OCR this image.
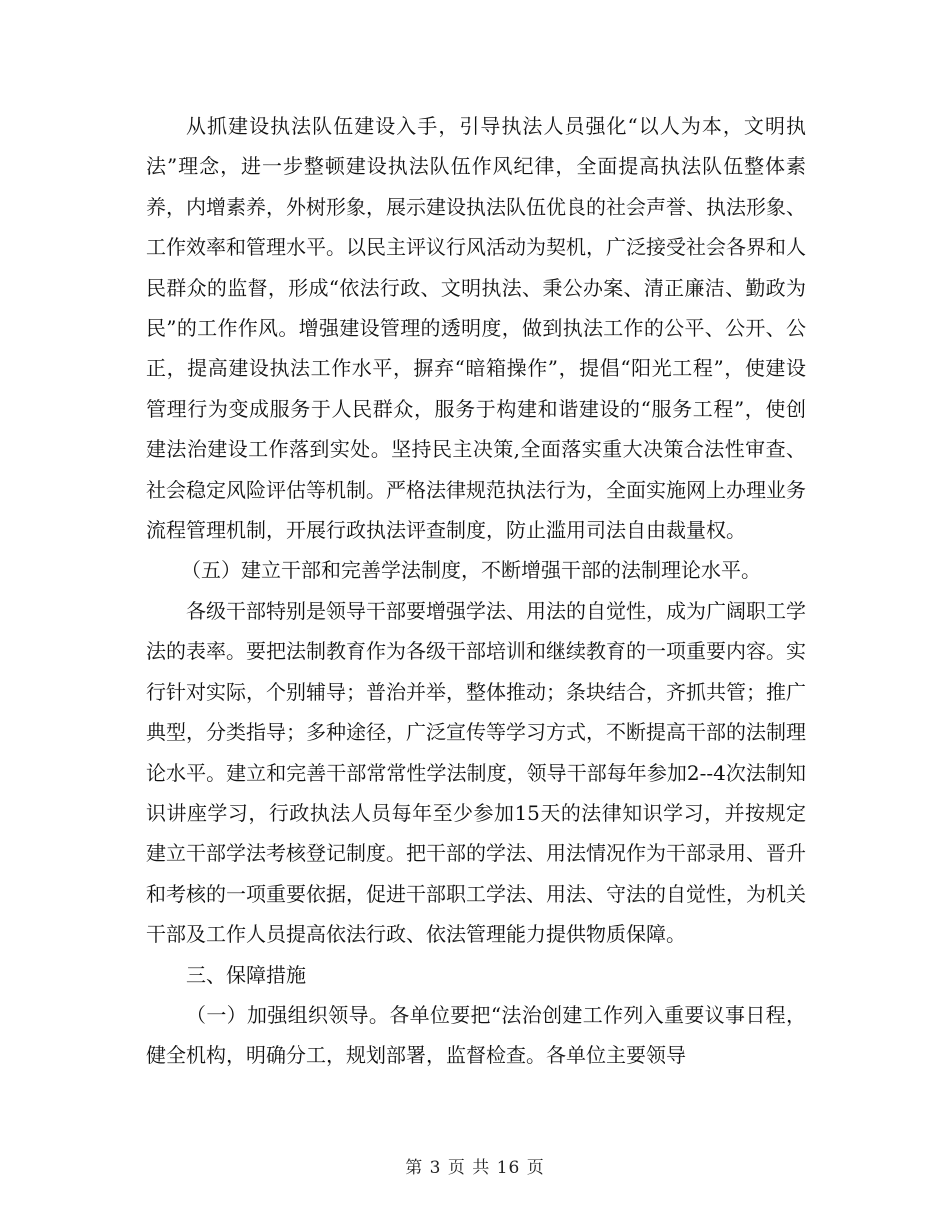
从抓建设执法队伍建设入手，引导执法人员强化“以人为本，文明执法”理念，进一步整顿建设执法队伍作风纪律，全面提高执法队伍整体素养，内增素养，外树形象，展示建设执法队伍优良的社会声誉、执法形象、工作效率和管理水平。以民主评议行风活动为契机，广泛接受社会各界和人民群众的监督，形成“依法行政、文明执法、秉公办案、清正廉洁、勤政为民”的工作作风。增强建设管理的透明度，做到执法工作的公平、公开、公正，提高建设执法工作水平，摒弃“暗箱操作”，提倡“阳光工程”，使建设管理行为变成服务于人民群众，服务于构建和谐建设的“服务工程”，使创建法治建设工作落到实处。坚持民主决策,全面落实重大决策合法性审查、社会稳定风险评估等机制。严格法律规范执法行为，全面实施网上办理业务流程管理机制，开展行政执法评查制度，防止滥用司法自由裁量权。

（五）建立干部和完善学法制度，不断增强干部的法制理论水平。

各级干部特别是领导干部要增强学法、用法的自觉性，成为广阔职工学法的表率。要把法制教育作为各级干部培训和继续教育的一项重要内容。实行针对实际，个别辅导；普治并举，整体推动；条块结合，齐抓共管；推广典型，分类指导；多种途径，广泛宣传等学习方式，不断提高干部的法制理论水平。建立和完善干部常常性学法制度，领导干部每年参加2--4次法制知识讲座学习，行政执法人员每年至少参加15天的法律知识学习，并按规定建立干部学法考核登记制度。把干部的学法、用法情况作为干部录用、晋升和考核的一项重要依据，促进干部职工学法、用法、守法的自觉性，为机关干部及工作人员提高依法行政、依法管理能力提供物质保障。

三、保障措施

（一）加强组织领导。各单位要把“法治创建工作列入重要议事日程，健全机构，明确分工，规划部署，监督检查。各单位主要领导

第 3 页 共 16 页
